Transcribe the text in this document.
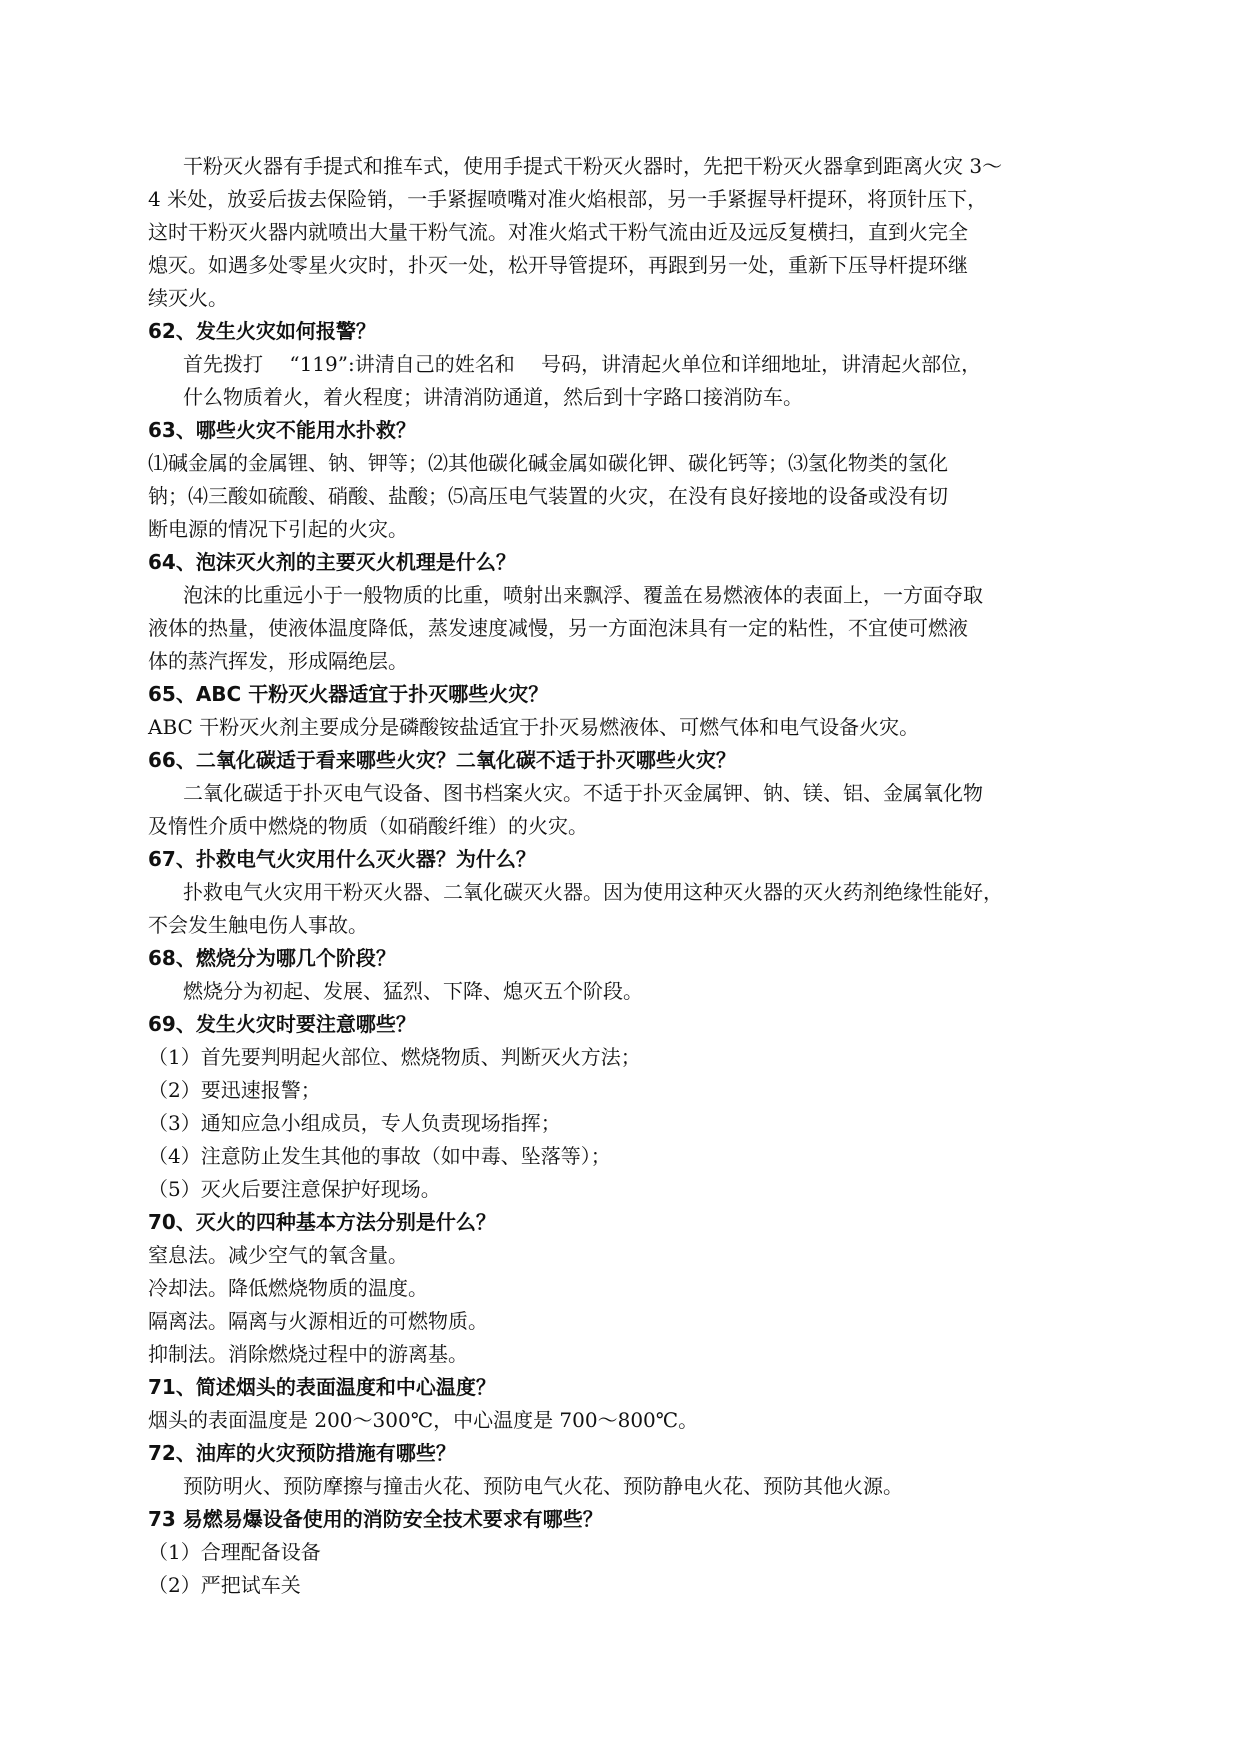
干粉灭火器有手提式和推车式，使用手提式干粉灭火器时，先把干粉灭火器拿到距离火灾 3～
4 米处，放妥后拔去保险销，一手紧握喷嘴对准火焰根部，另一手紧握导杆提环，将顶针压下，
这时干粉灭火器内就喷出大量干粉气流。对准火焰式干粉气流由近及远反复横扫，直到火完全
熄灭。如遇多处零星火灾时，扑灭一处，松开导管提环，再跟到另一处，重新下压导杆提环继
续灭火。
62、发生火灾如何报警？
首先拨打　 “119”:讲清自己的姓名和　 号码，讲清起火单位和详细地址，讲清起火部位，
什么物质着火，着火程度；讲清消防通道，然后到十字路口接消防车。
63、哪些火灾不能用水扑救？
⑴碱金属的金属锂、钠、钾等；⑵其他碳化碱金属如碳化钾、碳化钙等；⑶氢化物类的氢化
钠；⑷三酸如硫酸、硝酸、盐酸；⑸高压电气装置的火灾，在没有良好接地的设备或没有切
断电源的情况下引起的火灾。
64、泡沫灭火剂的主要灭火机理是什么？
泡沫的比重远小于一般物质的比重，喷射出来飘浮、覆盖在易燃液体的表面上，一方面夺取
液体的热量，使液体温度降低，蒸发速度减慢，另一方面泡沫具有一定的粘性，不宜使可燃液
体的蒸汽挥发，形成隔绝层。
65、ABC 干粉灭火器适宜于扑灭哪些火灾？
ABC 干粉灭火剂主要成分是磷酸铵盐适宜于扑灭易燃液体、可燃气体和电气设备火灾。
66、二氧化碳适于看来哪些火灾？二氧化碳不适于扑灭哪些火灾？
二氧化碳适于扑灭电气设备、图书档案火灾。不适于扑灭金属钾、钠、镁、铝、金属氧化物
及惰性介质中燃烧的物质（如硝酸纤维）的火灾。
67、扑救电气火灾用什么灭火器？为什么？
扑救电气火灾用干粉灭火器、二氧化碳灭火器。因为使用这种灭火器的灭火药剂绝缘性能好，
不会发生触电伤人事故。
68、燃烧分为哪几个阶段？
燃烧分为初起、发展、猛烈、下降、熄灭五个阶段。
69、发生火灾时要注意哪些？
（1）首先要判明起火部位、燃烧物质、判断灭火方法；
（2）要迅速报警；
（3）通知应急小组成员，专人负责现场指挥；
（4）注意防止发生其他的事故（如中毒、坠落等）；
（5）灭火后要注意保护好现场。
70、灭火的四种基本方法分别是什么？
窒息法。减少空气的氧含量。
冷却法。降低燃烧物质的温度。
隔离法。隔离与火源相近的可燃物质。
抑制法。消除燃烧过程中的游离基。
71、简述烟头的表面温度和中心温度？
烟头的表面温度是 200～300℃，中心温度是 700～800℃。
72、油库的火灾预防措施有哪些？
预防明火、预防摩擦与撞击火花、预防电气火花、预防静电火花、预防其他火源。
73 易燃易爆设备使用的消防安全技术要求有哪些？
（1）合理配备设备
（2）严把试车关
